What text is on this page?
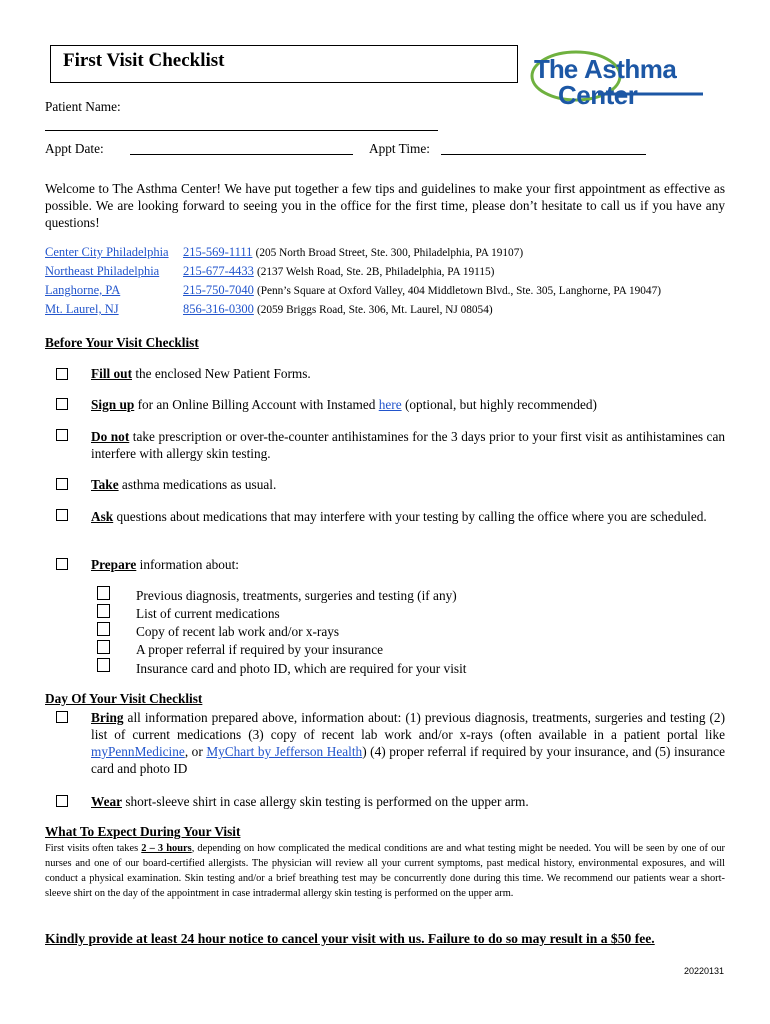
First Visit Checklist	The Asthma
Center
Patient Name:
Appt Date:	Appt Time:
Welcome to The Asthma Center! We have put together a few tips and guidelines to make your first appointment as effective as possible. We are looking forward to seeing you in the office for the first time, please don’t hesitate to call us if you have any questions!
Center City Philadelphia 215-569-1111 (205 North Broad Street, Ste. 300, Philadelphia, PA 19107)
Northeast Philadelphia 215-677-4433 (2137 Welsh Road, Ste. 2B, Philadelphia, PA 19115)
Langhorne, PA	215-750-7040 (Penn’s Square at Oxford Valley, 404 Middletown Blvd., Ste. 305, Langhorne, PA 19047)
Mt. Laurel, NJ	856-316-0300 (2059 Briggs Road, Ste. 306, Mt. Laurel, NJ 08054)
Before Your Visit Checklist
Fill out the enclosed New Patient Forms.
Sign up for an Online Billing Account with Instamed here (optional, but highly recommended)
Do not take prescription or over-the-counter antihistamines for the 3 days prior to your first visit as antihistamines can interfere with allergy skin testing.
Take asthma medications as usual.
Ask questions about medications that may interfere with your testing by calling the office where you are scheduled.
Prepare information about:
Previous diagnosis, treatments, surgeries and testing (if any)
List of current medications
Copy of recent lab work and/or x-rays
A proper referral if required by your insurance
Insurance card and photo ID, which are required for your visit
Day Of Your Visit Checklist
Bring all information prepared above, information about: (1) previous diagnosis, treatments, surgeries and testing (2) list of current medications (3) copy of recent lab work and/or x-rays (often available in a patient portal like myPennMedicine, or MyChart by Jefferson Health) (4) proper referral if required by your insurance, and (5) insurance card and photo ID
Wear short-sleeve shirt in case allergy skin testing is performed on the upper arm.
What To Expect During Your Visit
First visits often takes 2 – 3 hours, depending on how complicated the medical conditions are and what testing might be needed. You will be seen by one of our nurses and one of our board-certified allergists. The physician will review all your current symptoms, past medical history, environmental exposures, and will conduct a physical examination. Skin testing and/or a brief breathing test may be concurrently done during this time. We recommend our patients wear a short-sleeve shirt on the day of the appointment in case intradermal allergy skin testing is performed on the upper arm.
Kindly provide at least 24 hour notice to cancel your visit with us. Failure to do so may result in a $50 fee.
20220131
